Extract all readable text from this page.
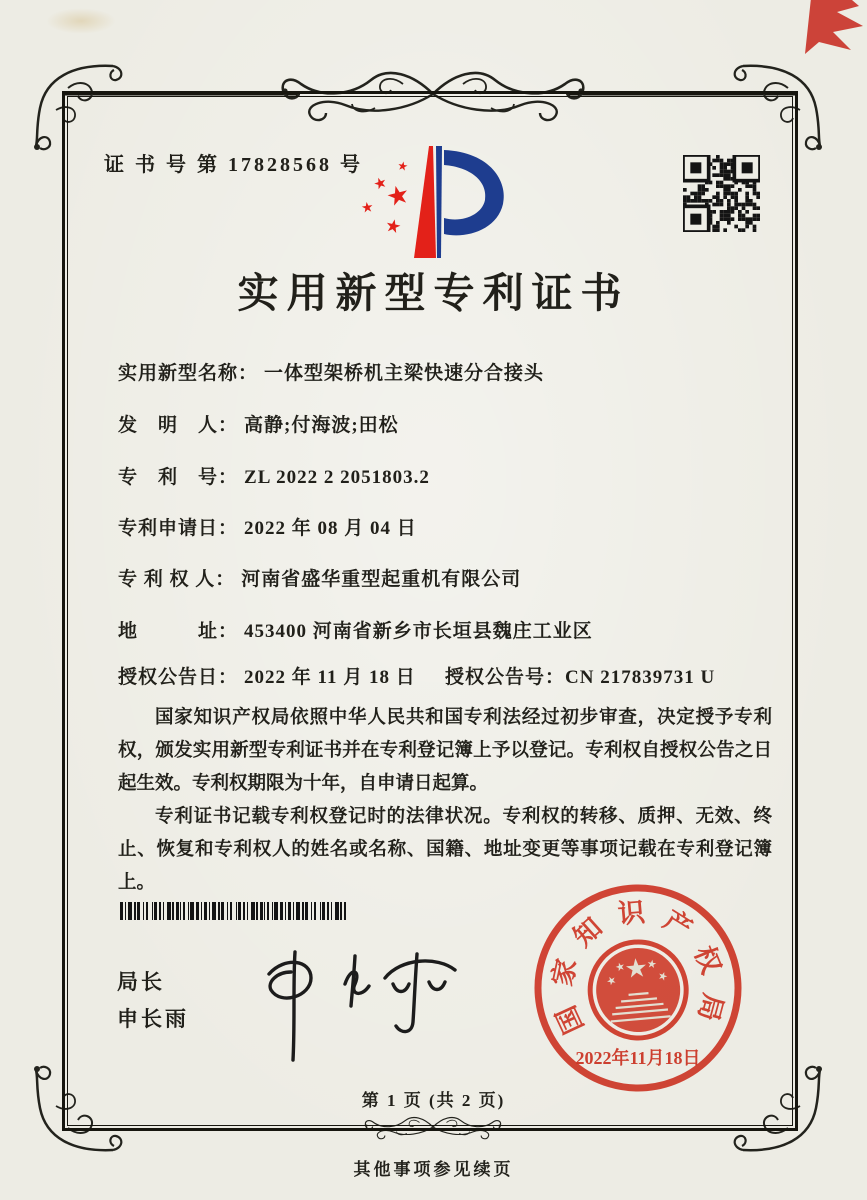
证 书 号 第 17828568 号
★
★
★
★
★
实用新型专利证书
实用新型名称： 一体型架桥机主梁快速分合接头
发　明　人： 高静;付海波;田松
专　利　号： ZL 2022 2 2051803.2
专利申请日： 2022 年 08 月 04 日
专 利 权 人： 河南省盛华重型起重机有限公司
地　　　址： 453400 河南省新乡市长垣县魏庄工业区
授权公告日： 2022 年 11 月 18 日 授权公告号：CN 217839731 U

国家知识产权局依照中华人民共和国专利法经过初步审查，决定授予专利权，颁发实用新型专利证书并在专利登记簿上予以登记。专利权自授权公告之日起生效。专利权期限为十年，自申请日起算。

专利证书记载专利权登记时的法律状况。专利权的转移、质押、无效、终止、恢复和专利权人的姓名或名称、国籍、地址变更等事项记载在专利登记簿上。

局长
申长雨	国
家
知 识 产
权
局
★
★
★ ★
★
2022年11月18日
第 1 页 (共 2 页)
其他事项参见续页
